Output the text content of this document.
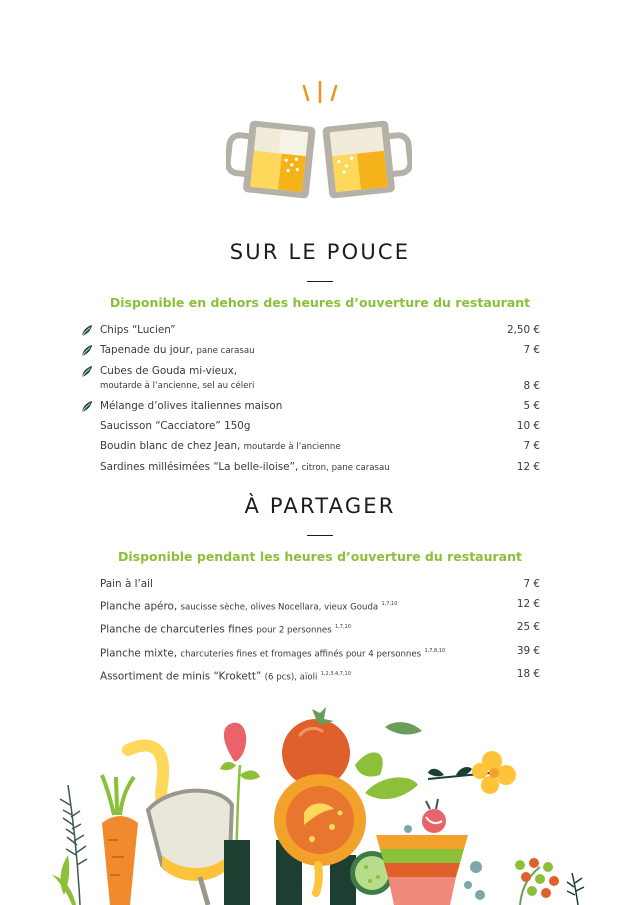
SUR LE POUCE
Disponible en dehors des heures d’ouverture du restaurant
Chips “Lucien”	2,50 €
Tapenade du jour, pane carasau	7 €
Cubes de Gouda mi-vieux,
moutarde à l’ancienne, sel au céleri	8 €
Mélange d’olives italiennes maison	5 €
Saucisson “Cacciatore” 150g	10 €
Boudin blanc de chez Jean, moutarde à l’ancienne	7 €
Sardines millésimées “La belle-iloise”, citron, pane carasau	12 €
À PARTAGER
Disponible pendant les heures d’ouverture du restaurant
Pain à l’ail	7 €
Planche apéro, saucisse sèche, olives Nocellara, vieux Gouda $^{1,7,10}$	12 €
Planche de charcuteries fines pour 2 personnes $^{1,7,10}$	25 €
Planche mixte, charcuteries fines et fromages affinés pour 4 personnes $^{1,7,8,10}$	39 €
Assortiment de minis “Krokett” (6 pcs), aïoli $^{1,2,3,4,7,10}$	18 €
